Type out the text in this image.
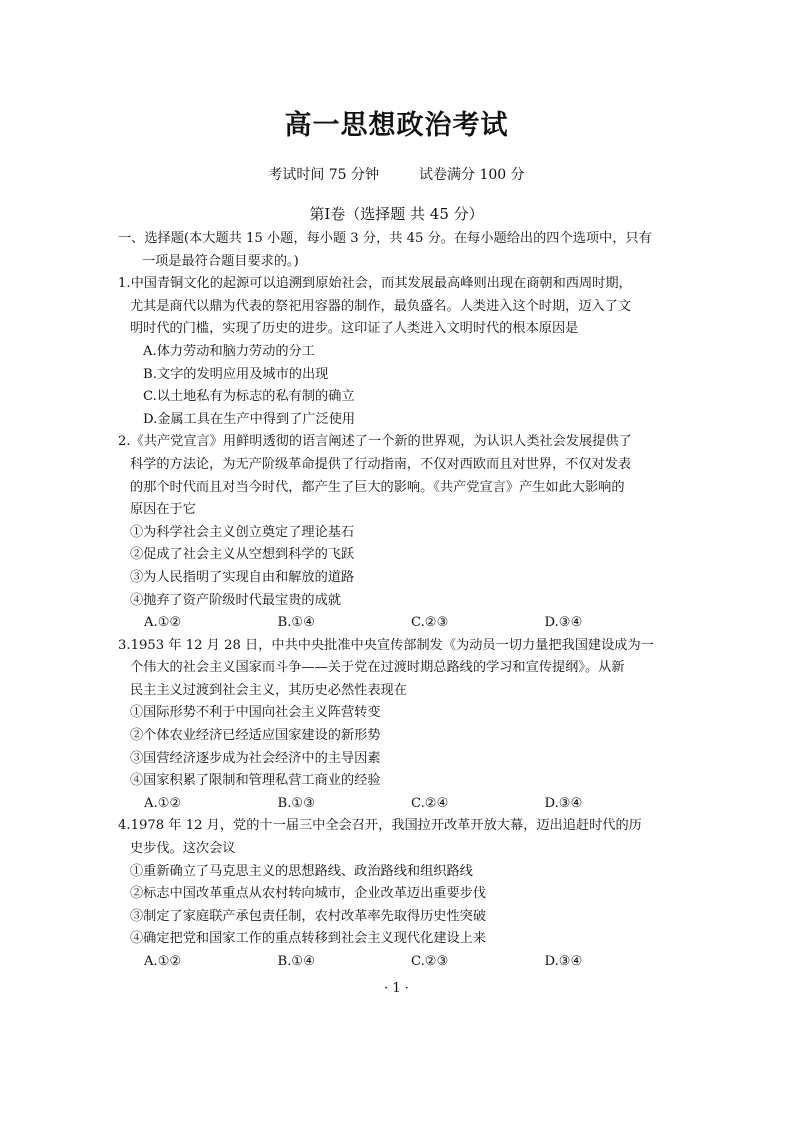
高一思想政治考试
考试时间 75 分钟	试卷满分 100 分
第Ⅰ卷（选择题 共 45 分）
一、选择题(本大题共 15 小题，每小题 3 分，共 45 分。在每小题给出的四个选项中，只有
一项是最符合题目要求的。)
1.中国青铜文化的起源可以追溯到原始社会，而其发展最高峰则出现在商朝和西周时期，
尤其是商代以鼎为代表的祭祀用容器的制作，最负盛名。人类进入这个时期，迈入了文
明时代的门槛，实现了历史的进步。这印证了人类进入文明时代的根本原因是
A.体力劳动和脑力劳动的分工
B.文字的发明应用及城市的出现
C.以土地私有为标志的私有制的确立
D.金属工具在生产中得到了广泛使用
2.《共产党宣言》用鲜明透彻的语言阐述了一个新的世界观，为认识人类社会发展提供了
科学的方法论，为无产阶级革命提供了行动指南，不仅对西欧而且对世界，不仅对发表
的那个时代而且对当今时代，都产生了巨大的影响。《共产党宣言》产生如此大影响的
原因在于它
①为科学社会主义创立奠定了理论基石
②促成了社会主义从空想到科学的飞跃
③为人民指明了实现自由和解放的道路
④抛弃了资产阶级时代最宝贵的成就
A.①②	B.①④	C.②③	D.③④
3.1953 年 12 月 28 日，中共中央批准中央宣传部制发《为动员一切力量把我国建设成为一
个伟大的社会主义国家而斗争——关于党在过渡时期总路线的学习和宣传提纲》。从新
民主主义过渡到社会主义，其历史必然性表现在
①国际形势不利于中国向社会主义阵营转变
②个体农业经济已经适应国家建设的新形势
③国营经济逐步成为社会经济中的主导因素
④国家积累了限制和管理私营工商业的经验
A.①②	B.①③	C.②④	D.③④
4.1978 年 12 月，党的十一届三中全会召开，我国拉开改革开放大幕，迈出追赶时代的历
史步伐。这次会议
①重新确立了马克思主义的思想路线、政治路线和组织路线
②标志中国改革重点从农村转向城市，企业改革迈出重要步伐
③制定了家庭联产承包责任制，农村改革率先取得历史性突破
④确定把党和国家工作的重点转移到社会主义现代化建设上来
A.①②	B.①④	C.②③	D.③④
· 1 ·
